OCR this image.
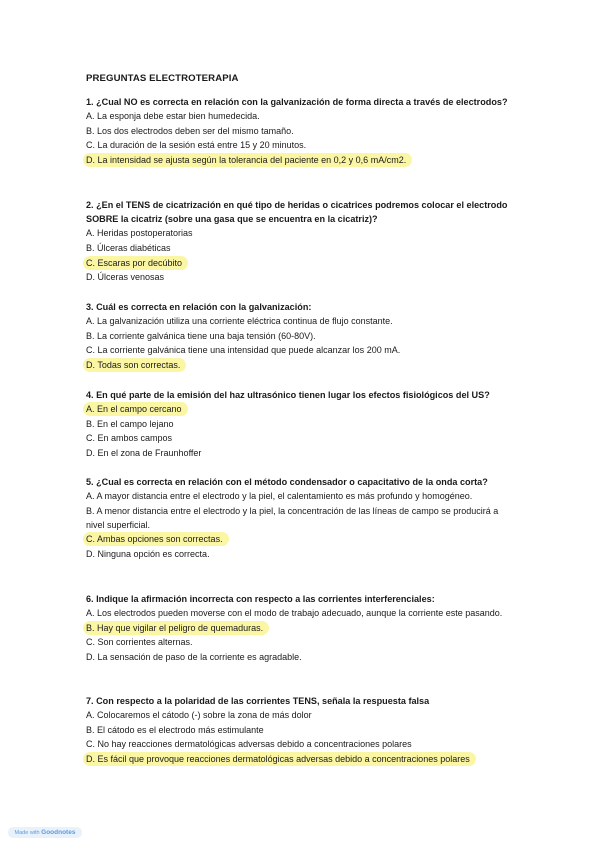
PREGUNTAS ELECTROTERAPIA
1. ¿Cual NO es correcta en relación con la galvanización de forma directa a través de electrodos?
A. La esponja debe estar bien humedecida.
B. Los dos electrodos deben ser del mismo tamaño.
C. La duración de la sesión está entre 15 y 20 minutos.
D. La intensidad se ajusta según la tolerancia del paciente en 0,2 y 0,6 mA/cm2.
2. ¿En el TENS de cicatrización en qué tipo de heridas o cicatrices podremos colocar el electrodo SOBRE la cicatriz (sobre una gasa que se encuentra en la cicatriz)?
A. Heridas postoperatorias
B. Úlceras diabéticas
C. Escaras por decúbito
D. Úlceras venosas
3. Cuál es correcta en relación con la galvanización:
A. La galvanización utiliza una corriente eléctrica continua de flujo constante.
B. La corriente galvánica tiene una baja tensión (60-80V).
C. La corriente galvánica tiene una intensidad que puede alcanzar los 200 mA.
D. Todas son correctas.
4. En qué parte de la emisión del haz ultrasónico tienen lugar los efectos fisiológicos del US?
A. En el campo cercano
B. En el campo lejano
C. En ambos campos
D. En el zona de Fraunhoffer
5. ¿Cual es correcta en relación con el método condensador o capacitativo de la onda corta?
A. A mayor distancia entre el electrodo y la piel, el calentamiento es más profundo y homogéneo.
B. A menor distancia entre el electrodo y la piel, la concentración de las líneas de campo se producirá a nivel superficial.
C. Ambas opciones son correctas.
D. Ninguna opción es correcta.
6. Indique la afirmación incorrecta con respecto a las corrientes interferenciales:
A. Los electrodos pueden moverse con el modo de trabajo adecuado, aunque la corriente este pasando.
B. Hay que vigilar el peligro de quemaduras.
C. Son corrientes alternas.
D. La sensación de paso de la corriente es agradable.
7. Con respecto a la polaridad de las corrientes TENS, señala la respuesta falsa
A. Colocaremos el cátodo (-) sobre la zona de más dolor
B. El cátodo es el electrodo más estimulante
C. No hay reacciones dermatológicas adversas debido a concentraciones polares
D. Es fácil que provoque reacciones dermatológicas adversas debido a concentraciones polares
Made with Goodnotes
